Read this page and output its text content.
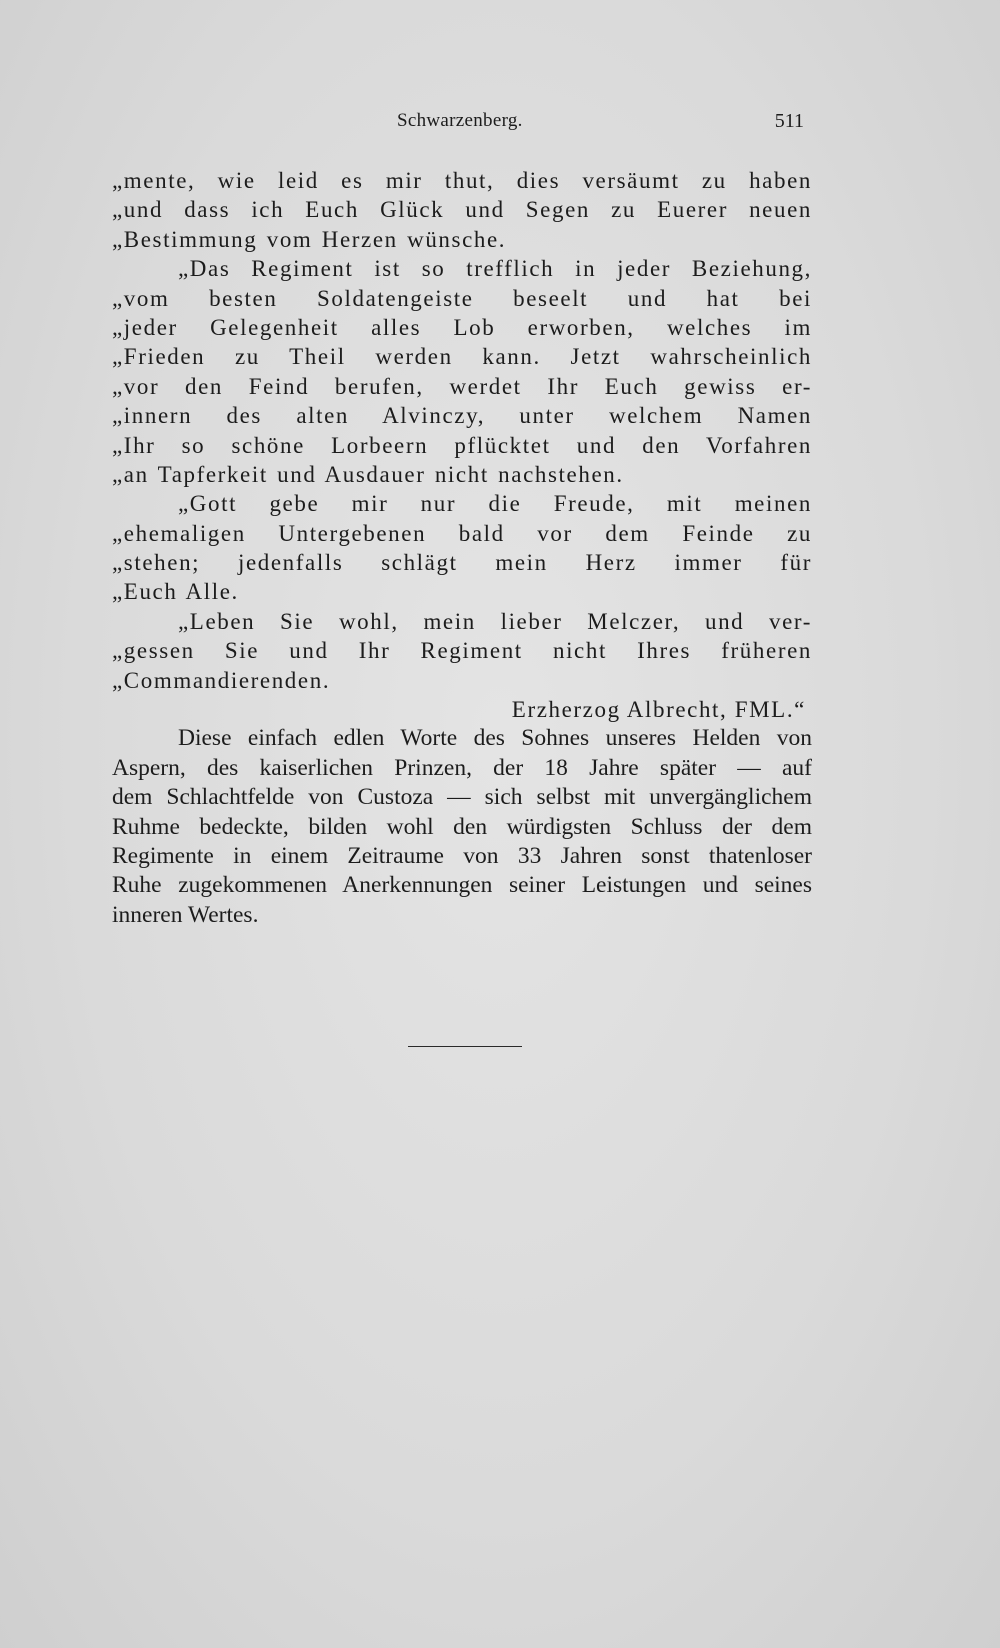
Schwarzenberg.	511
„mente, wie leid es mir thut, dies versäumt zu haben
„und dass ich Euch Glück und Segen zu Euerer neuen
„Bestimmung vom Herzen wünsche.
„Das Regiment ist so trefflich in jeder Beziehung,
„vom besten Soldatengeiste beseelt und hat bei
„jeder Gelegenheit alles Lob erworben, welches im
„Frieden zu Theil werden kann. Jetzt wahrscheinlich
„vor den Feind berufen, werdet Ihr Euch gewiss er-
„innern des alten Alvinczy, unter welchem Namen
„Ihr so schöne Lorbeern pflücktet und den Vorfahren
„an Tapferkeit und Ausdauer nicht nachstehen.
„Gott gebe mir nur die Freude, mit meinen
„ehemaligen Untergebenen bald vor dem Feinde zu
„stehen; jedenfalls schlägt mein Herz immer für
„Euch Alle.
„Leben Sie wohl, mein lieber Melczer, und ver-
„gessen Sie und Ihr Regiment nicht Ihres früheren
„Commandierenden.
Erzherzog Albrecht, FML.“
Diese einfach edlen Worte des Sohnes unseres Helden von
Aspern, des kaiserlichen Prinzen, der 18 Jahre später — auf
dem Schlachtfelde von Custoza — sich selbst mit unvergänglichem
Ruhme bedeckte, bilden wohl den würdigsten Schluss der dem
Regimente in einem Zeitraume von 33 Jahren sonst thatenloser
Ruhe zugekommenen Anerkennungen seiner Leistungen und seines
inneren Wertes.
